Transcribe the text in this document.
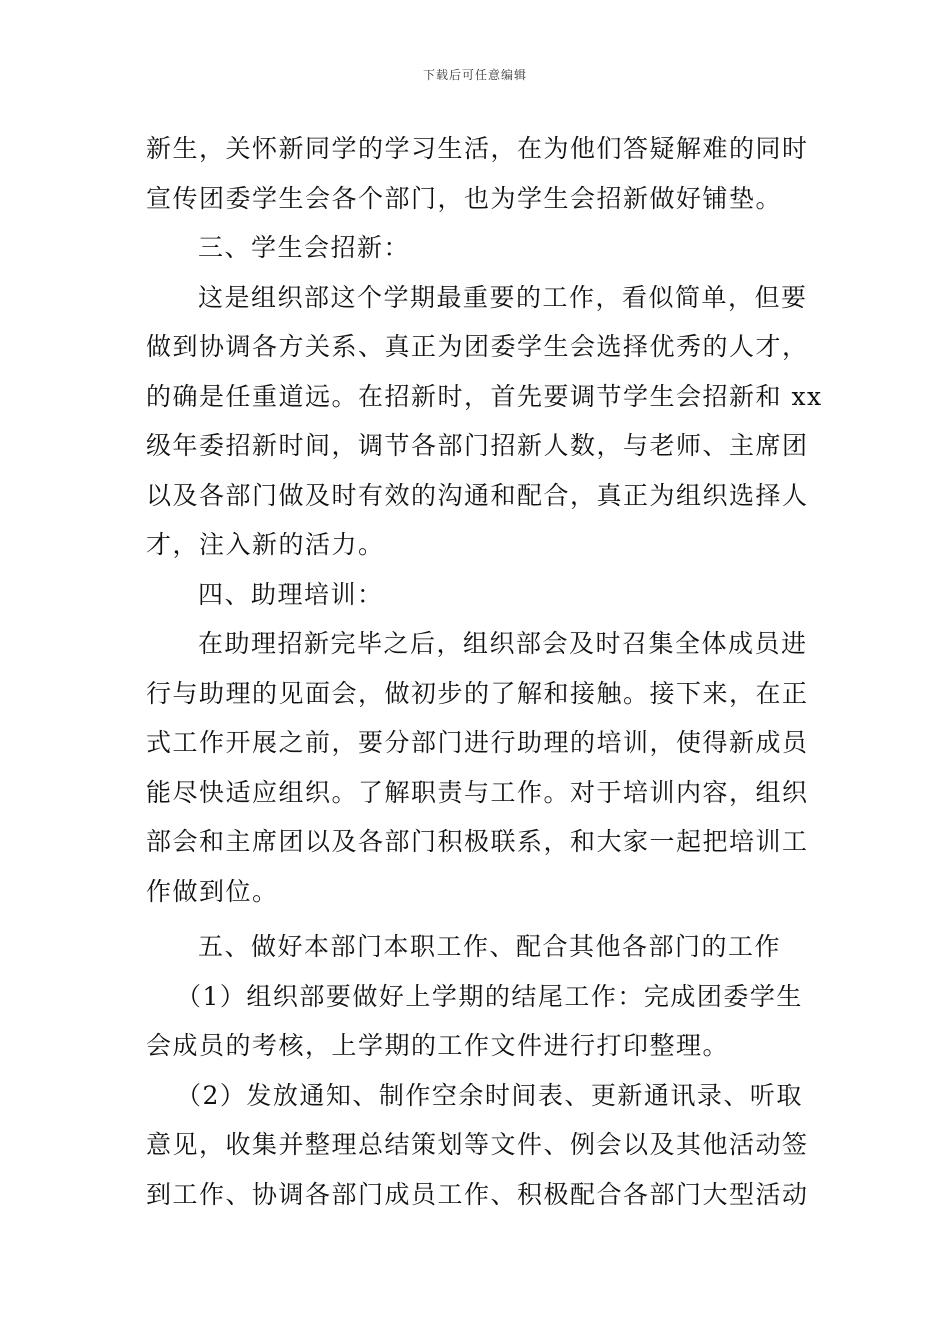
下载后可任意编辑

新生，关怀新同学的学习生活，在为他们答疑解难的同时

宣传团委学生会各个部门，也为学生会招新做好铺垫。

三、学生会招新：

这是组织部这个学期最重要的工作，看似简单，但要

做到协调各方关系、真正为团委学生会选择优秀的人才，

的确是任重道远。在招新时，首先要调节学生会招新和 xx

级年委招新时间，调节各部门招新人数，与老师、主席团

以及各部门做及时有效的沟通和配合，真正为组织选择人

才，注入新的活力。

四、助理培训：

在助理招新完毕之后，组织部会及时召集全体成员进

行与助理的见面会，做初步的了解和接触。接下来，在正

式工作开展之前，要分部门进行助理的培训，使得新成员

能尽快适应组织。了解职责与工作。对于培训内容，组织

部会和主席团以及各部门积极联系，和大家一起把培训工

作做到位。

五、做好本部门本职工作、配合其他各部门的工作

（1）组织部要做好上学期的结尾工作：完成团委学生

会成员的考核，上学期的工作文件进行打印整理。

（2）发放通知、制作空余时间表、更新通讯录、听取

意见，收集并整理总结策划等文件、例会以及其他活动签

到工作、协调各部门成员工作、积极配合各部门大型活动
